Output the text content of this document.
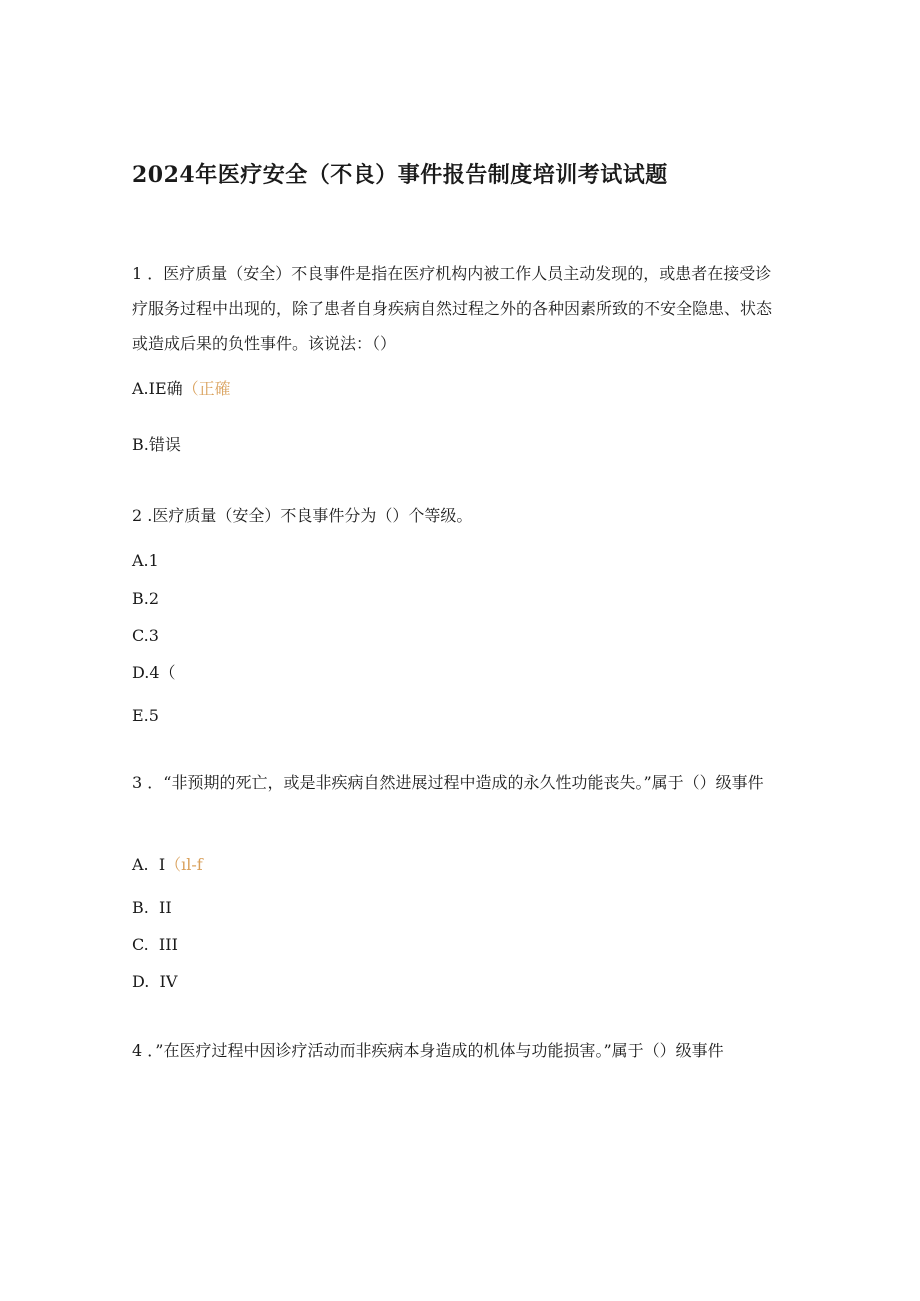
2024年医疗安全（不良）事件报告制度培训考试试题
1 ．医疗质量（安全）不良事件是指在医疗机构内被工作人员主动发现的，或患者在接受诊疗服务过程中出现的，除了患者自身疾病自然过程之外的各种因素所致的不安全隐患、状态或造成后果的负性事件。该说法：（）
A.IE确（正確
B.错误
2 .医疗质量（安全）不良事件分为（）个等级。
A.1
B.2
C.3
D.4（
E.5
3 ．“非预期的死亡，或是非疾病自然进展过程中造成的永久性功能丧失。”属于（）级事件
A.  I（ıl-f
B.  II
C.  III
D.  IV
4 ．”在医疗过程中因诊疗活动而非疾病本身造成的机体与功能损害。”属于（）级事件
